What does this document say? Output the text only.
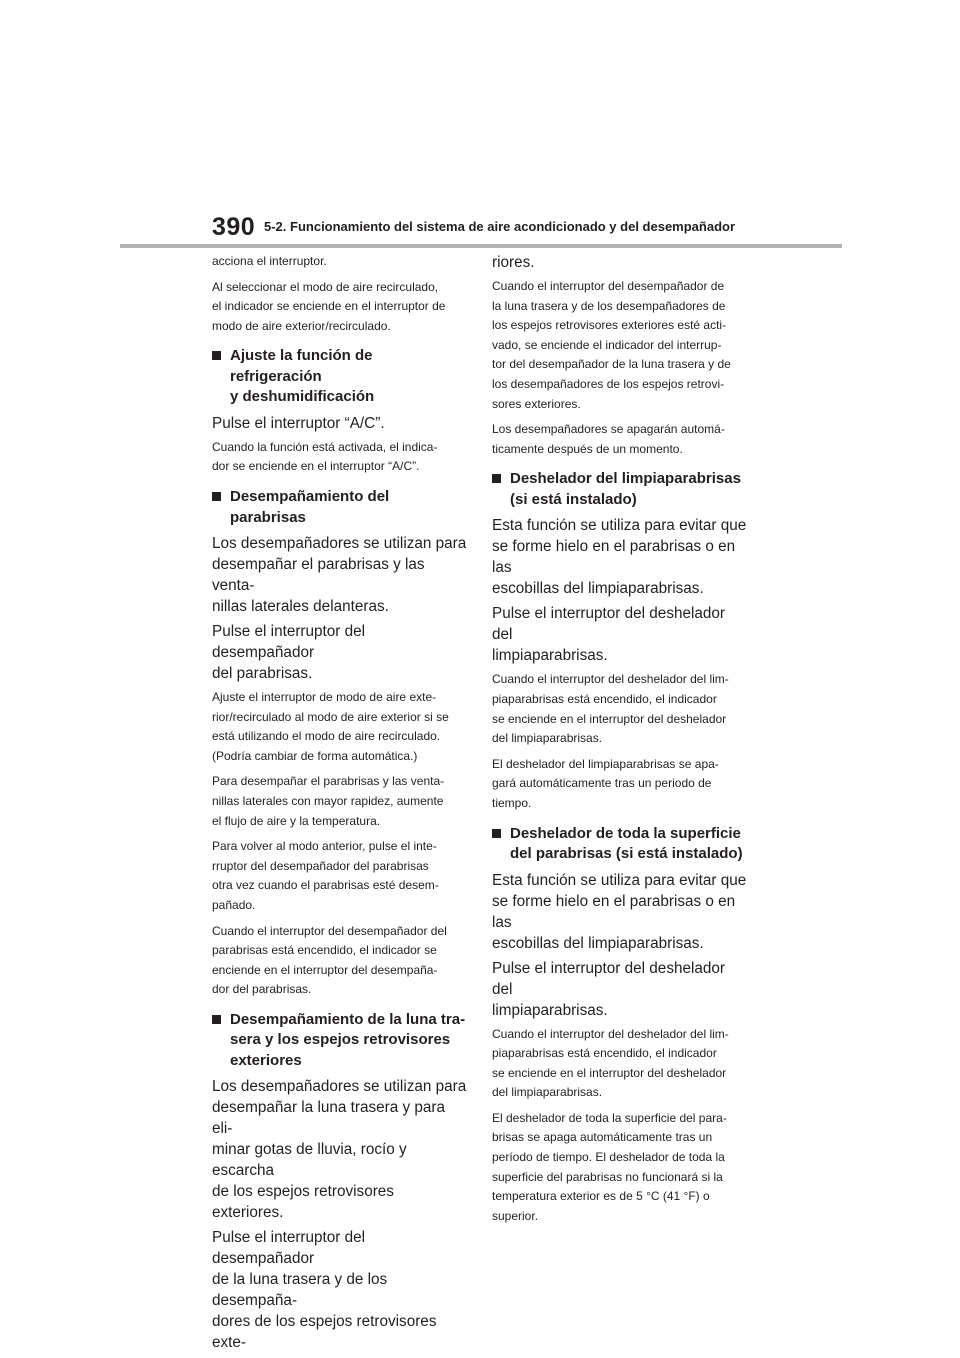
390 5-2. Funcionamiento del sistema de aire acondicionado y del desempañador
acciona el interruptor.
Al seleccionar el modo de aire recirculado,
el indicador se enciende en el interruptor de
modo de aire exterior/recirculado.
Ajuste la función de refrigeración
y deshumidificación
Pulse el interruptor “A/C”.
Cuando la función está activada, el indica-
dor se enciende en el interruptor “A/C”.
Desempañamiento del parabrisas
Los desempañadores se utilizan para
desempañar el parabrisas y las venta-
nillas laterales delanteras.
Pulse el interruptor del desempañador
del parabrisas.
Ajuste el interruptor de modo de aire exte-
rior/recirculado al modo de aire exterior si se
está utilizando el modo de aire recirculado.
(Podría cambiar de forma automática.)
Para desempañar el parabrisas y las venta-
nillas laterales con mayor rapidez, aumente
el flujo de aire y la temperatura.
Para volver al modo anterior, pulse el inte-
rruptor del desempañador del parabrisas
otra vez cuando el parabrisas esté desem-
pañado.
Cuando el interruptor del desempañador del
parabrisas está encendido, el indicador se
enciende en el interruptor del desempaña-
dor del parabrisas.
Desempañamiento de la luna tra-
sera y los espejos retrovisores
exteriores
Los desempañadores se utilizan para
desempañar la luna trasera y para eli-
minar gotas de lluvia, rocío y escarcha
de los espejos retrovisores exteriores.
Pulse el interruptor del desempañador
de la luna trasera y de los desempaña-
dores de los espejos retrovisores exte-
riores.
Cuando el interruptor del desempañador de
la luna trasera y de los desempañadores de
los espejos retrovisores exteriores esté acti-
vado, se enciende el indicador del interrup-
tor del desempañador de la luna trasera y de
los desempañadores de los espejos retrovi-
sores exteriores.
Los desempañadores se apagarán automá-
ticamente después de un momento.
Deshelador del limpiaparabrisas
(si está instalado)
Esta función se utiliza para evitar que
se forme hielo en el parabrisas o en las
escobillas del limpiaparabrisas.
Pulse el interruptor del deshelador del
limpiaparabrisas.
Cuando el interruptor del deshelador del lim-
piaparabrisas está encendido, el indicador
se enciende en el interruptor del deshelador
del limpiaparabrisas.
El deshelador del limpiaparabrisas se apa-
gará automáticamente tras un periodo de
tiempo.
Deshelador de toda la superficie
del parabrisas (si está instalado)
Esta función se utiliza para evitar que
se forme hielo en el parabrisas o en las
escobillas del limpiaparabrisas.
Pulse el interruptor del deshelador del
limpiaparabrisas.
Cuando el interruptor del deshelador del lim-
piaparabrisas está encendido, el indicador
se enciende en el interruptor del deshelador
del limpiaparabrisas.
El deshelador de toda la superficie del para-
brisas se apaga automáticamente tras un
período de tiempo. El deshelador de toda la
superficie del parabrisas no funcionará si la
temperatura exterior es de 5 °C (41 °F) o
superior.
